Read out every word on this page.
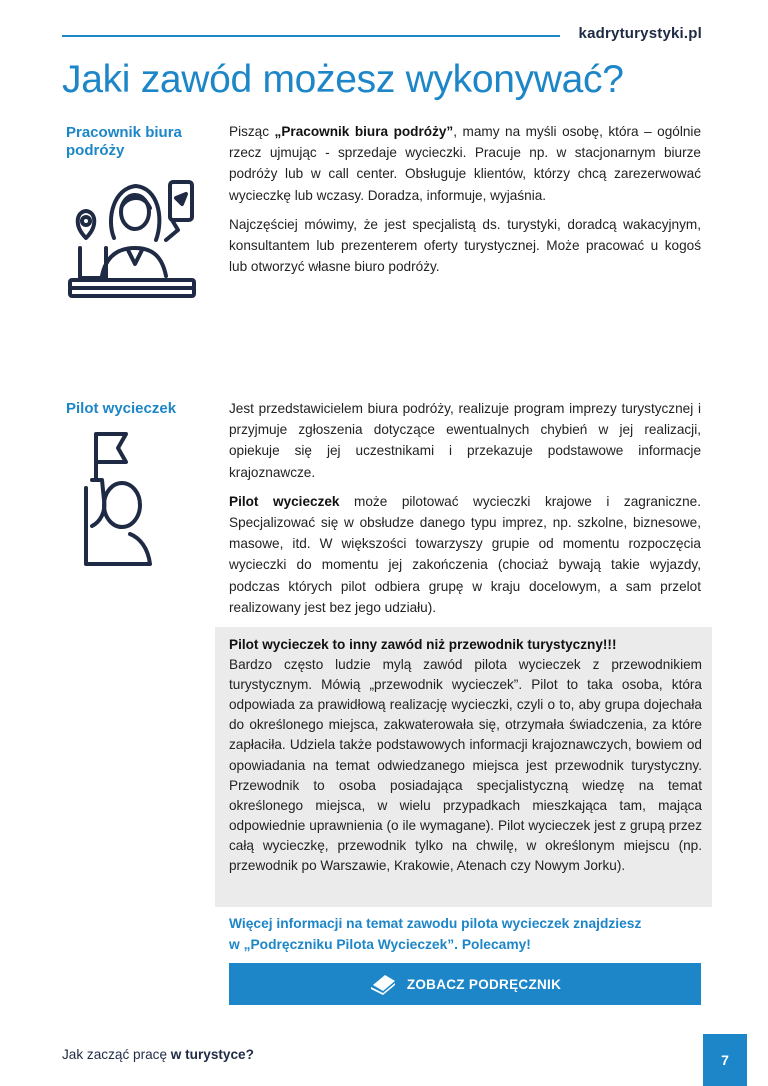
kadryturystyki.pl
Jaki zawód możesz wykonywać?
Pracownik biura podróży

Pisząc „Pracownik biura podróży”, mamy na myśli osobę, która – ogólnie rzecz ujmując - sprzedaje wycieczki. Pracuje np. w stacjonarnym biurze podróży lub w call center. Obsługuje klientów, którzy chcą zarezerwować wycieczkę lub wczasy. Doradza, informuje, wyjaśnia.

Najczęściej mówimy, że jest specjalistą ds. turystyki, doradcą wakacyjnym, konsultantem lub prezenterem oferty turystycznej. Może pracować u kogoś lub otworzyć własne biuro podróży.

Pilot wycieczek	Jest przedstawicielem biura podróży, realizuje program imprezy turystycznej i przyjmuje zgłoszenia dotyczące ewentualnych chybień w jej realizacji, opiekuje się jej uczestnikami i przekazuje podstawowe informacje krajoznawcze.

Pilot wycieczek może pilotować wycieczki krajowe i zagraniczne. Specjalizować się w obsłudze danego typu imprez, np. szkolne, biznesowe, masowe, itd. W większości towarzyszy grupie od momentu rozpoczęcia wycieczki do momentu jej zakończenia (chociaż bywają takie wyjazdy, podczas których pilot odbiera grupę w kraju docelowym, a sam przelot realizowany jest bez jego udziału).

Pilot wycieczek to inny zawód niż przewodnik turystyczny!!!

Bardzo często ludzie mylą zawód pilota wycieczek z przewodnikiem turystycznym. Mówią „przewodnik wycieczek”. Pilot to taka osoba, która odpowiada za prawidłową realizację wycieczki, czyli o to, aby grupa dojechała do określonego miejsca, zakwaterowała się, otrzymała świadczenia, za które zapłaciła. Udziela także podstawowych informacji krajoznawczych, bowiem od opowiadania na temat odwiedzanego miejsca jest przewodnik turystyczny. Przewodnik to osoba posiadająca specjalistyczną wiedzę na temat określonego miejsca, w wielu przypadkach mieszkająca tam, mająca odpowiednie uprawnienia (o ile wymagane). Pilot wycieczek jest z grupą przez całą wycieczkę, przewodnik tylko na chwilę, w określonym miejscu (np. przewodnik po Warszawie, Krakowie, Atenach czy Nowym Jorku).

Więcej informacji na temat zawodu pilota wycieczek znajdziesz
w „Podręczniku Pilota Wycieczek”. Polecamy!
ZOBACZ PODRĘCZNIK
Jak zacząć pracę w turystyce?	7
